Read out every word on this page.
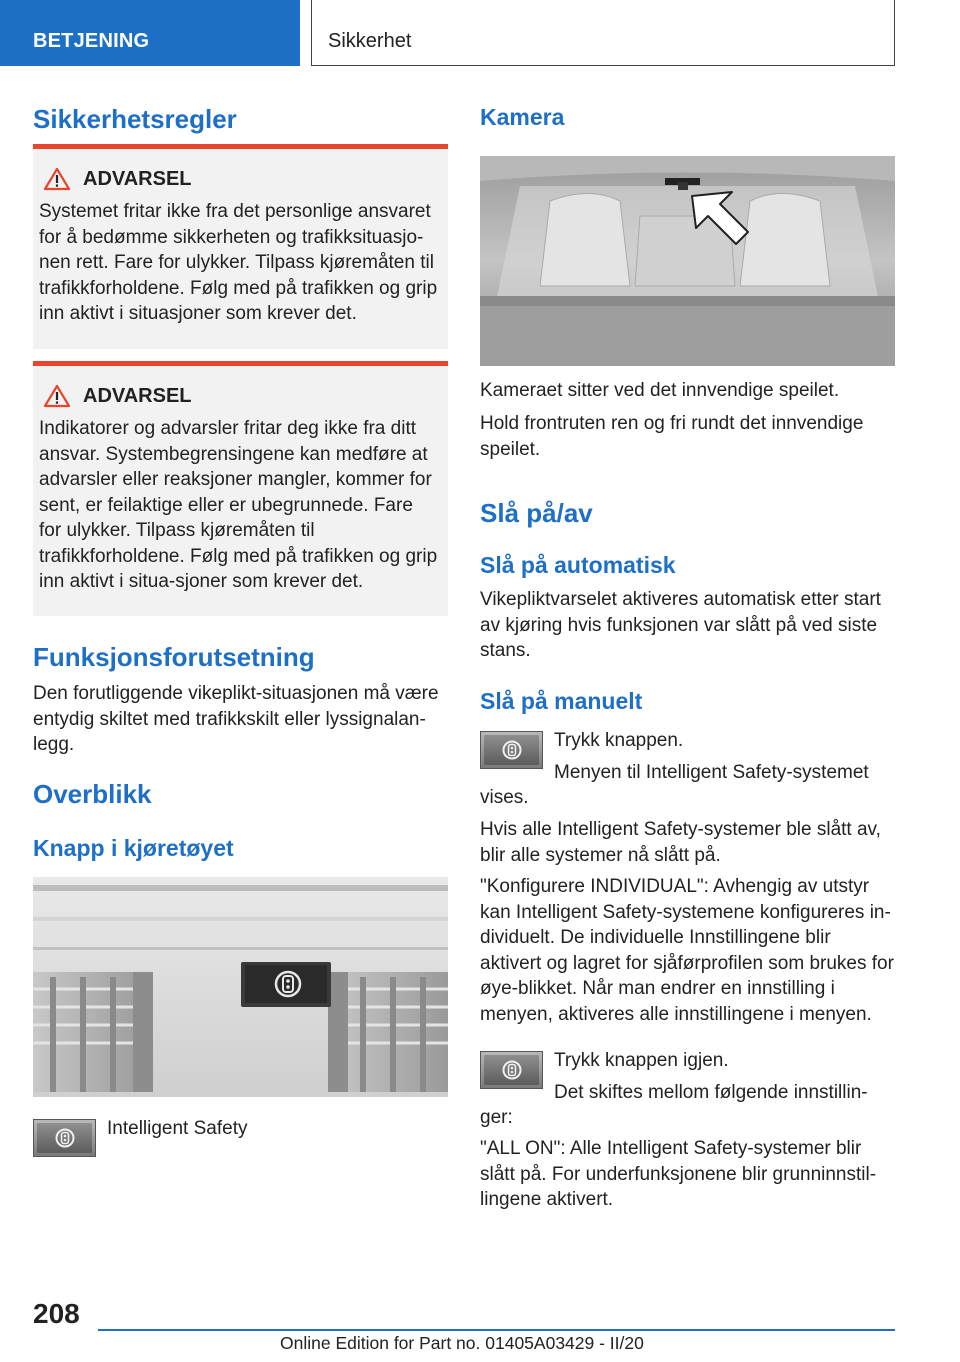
BETJENING	Sikkerhet
Sikkerhetsregler
ADVARSEL
Systemet fritar ikke fra det personlige ansvaret for å bedømme sikkerheten og trafikksituasjo-nen rett. Fare for ulykker. Tilpass kjøremåten til trafikkforholdene. Følg med på trafikken og grip inn aktivt i situasjoner som krever det.
ADVARSEL
Indikatorer og advarsler fritar deg ikke fra ditt ansvar. Systembegrensingene kan medføre at advarsler eller reaksjoner mangler, kommer for sent, er feilaktige eller er ubegrunnede. Fare for ulykker. Tilpass kjøremåten til trafikkforholdene. Følg med på trafikken og grip inn aktivt i situa-sjoner som krever det.
Funksjonsforutsetning
Den forutliggende vikeplikt-situasjonen må være entydig skiltet med trafikkskilt eller lyssignalan-legg.
Overblikk
Knapp i kjøretøyet
Intelligent Safety
Kamera
Kameraet sitter ved det innvendige speilet.
Hold frontruten ren og fri rundt det innvendige speilet.
Slå på/av
Slå på automatisk
Vikepliktvarselet aktiveres automatisk etter start av kjøring hvis funksjonen var slått på ved siste stans.
Slå på manuelt
Trykk knappen.
Menyen til Intelligent Safety-systemet
vises.
Hvis alle Intelligent Safety-systemer ble slått av, blir alle systemer nå slått på.
"Konfigurere INDIVIDUAL": Avhengig av utstyr kan Intelligent Safety-systemene konfigureres in-dividuelt. De individuelle Innstillingene blir aktivert og lagret for sjåførprofilen som brukes for øye-blikket. Når man endrer en innstilling i menyen, aktiveres alle innstillingene i menyen.
Trykk knappen igjen.
Det skiftes mellom følgende innstillin-
ger:
"ALL ON": Alle Intelligent Safety-systemer blir slått på. For underfunksjonene blir grunninnstil-lingene aktivert.
208
Online Edition for Part no. 01405A03429 - II/20
